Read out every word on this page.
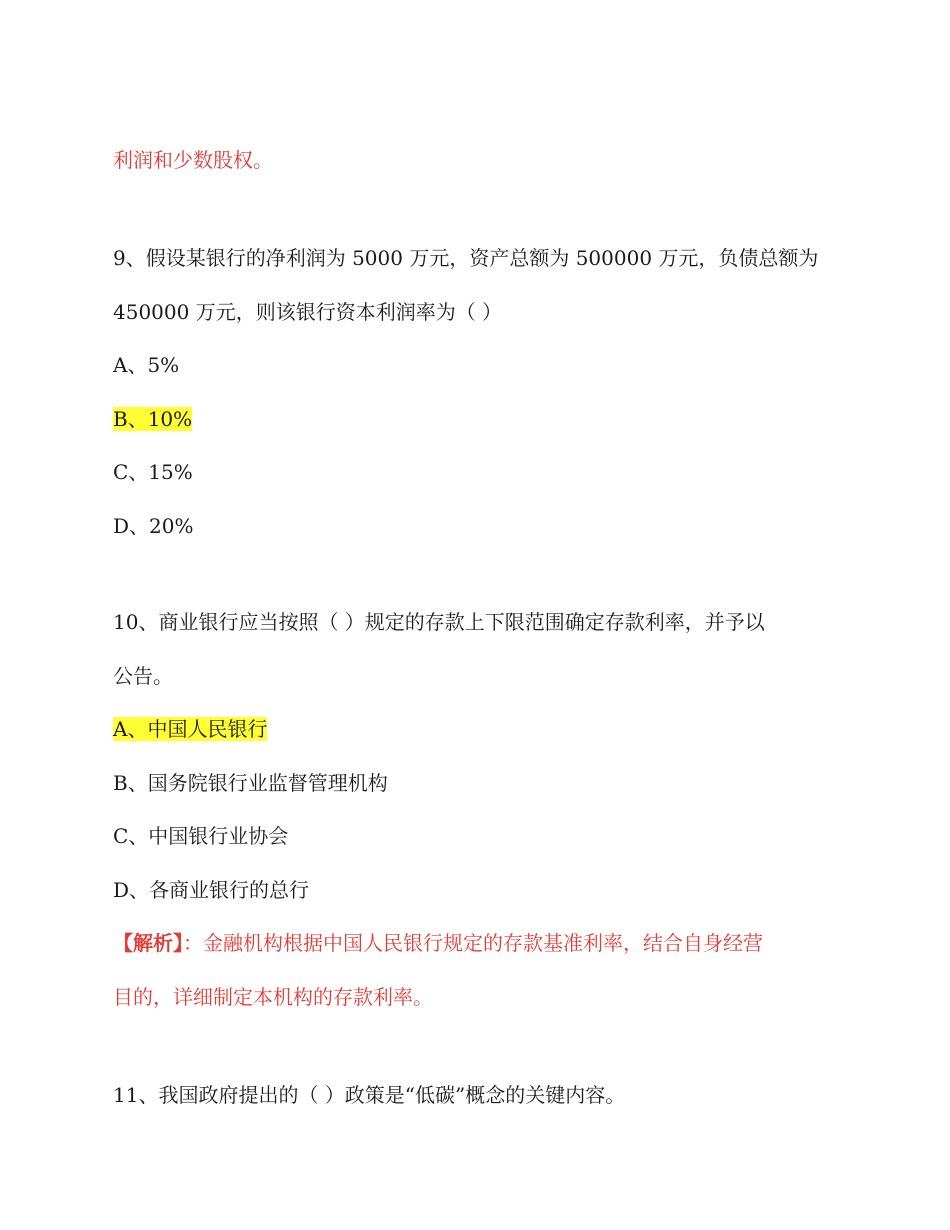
利润和少数股权。
9、假设某银行的净利润为 5000 万元，资产总额为 500000 万元，负债总额为
450000 万元，则该银行资本利润率为（ ）
A、5%
B、10%
C、15%
D、20%
10、商业银行应当按照（ ）规定的存款上下限范围确定存款利率，并予以
公告。
A、中国人民银行
B、国务院银行业监督管理机构
C、中国银行业协会
D、各商业银行的总行
【解析】：金融机构根据中国人民银行规定的存款基准利率，结合自身经营
目的，详细制定本机构的存款利率。
11、我国政府提出的（ ）政策是“低碳”概念的关键内容。
